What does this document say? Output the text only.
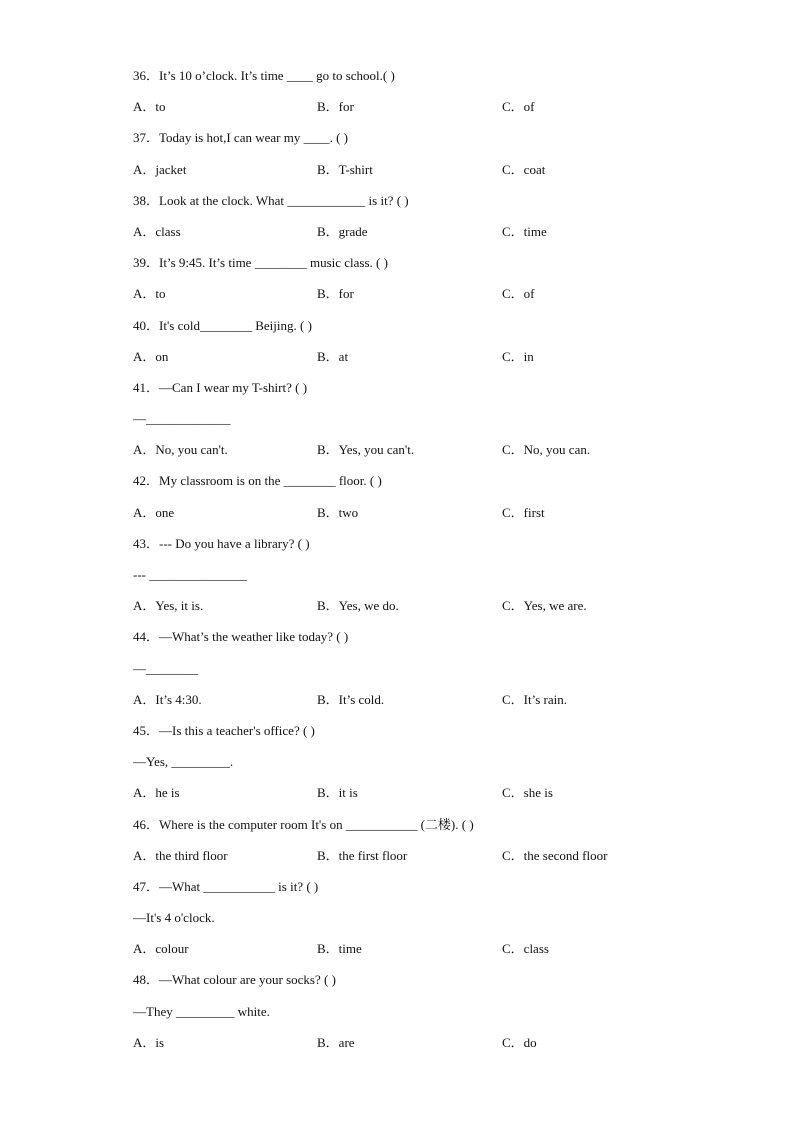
36．It’s 10 o’clock. It’s time ____ go to school.( )
A．to	B．for	C．of
37．Today is hot,I can wear my ____. ( )
A．jacket	B．T-shirt	C．coat
38．Look at the clock. What ____________ is it? ( )
A．class	B．grade	C．time
39．It’s 9:45. It’s time ________ music class. ( )
A．to	B．for	C．of
40．It's cold________ Beijing. ( )
A．on	B．at	C．in
41．—Can I wear my T-shirt? ( )
—_____________
A．No, you can't.	B．Yes, you can't.	C．No, you can.
42．My classroom is on the ________ floor. ( )
A．one	B．two	C．first
43．--- Do you have a library? ( )
--- _______________
A．Yes, it is.	B．Yes, we do.	C．Yes, we are.
44．—What’s the weather like today? ( )
—________
A．It’s 4:30.	B．It’s cold.	C．It’s rain.
45．—Is this a teacher's office? ( )
—Yes, _________.
A．he is	B．it is	C．she is
46．Where is the computer room It's on ___________ (二楼). ( )
A．the third floor	B．the first floor	C．the second floor
47．—What ___________ is it? ( )
—It's 4 o'clock.
A．colour	B．time	C．class
48．—What colour are your socks? ( )
—They _________ white.
A．is	B．are	C．do
